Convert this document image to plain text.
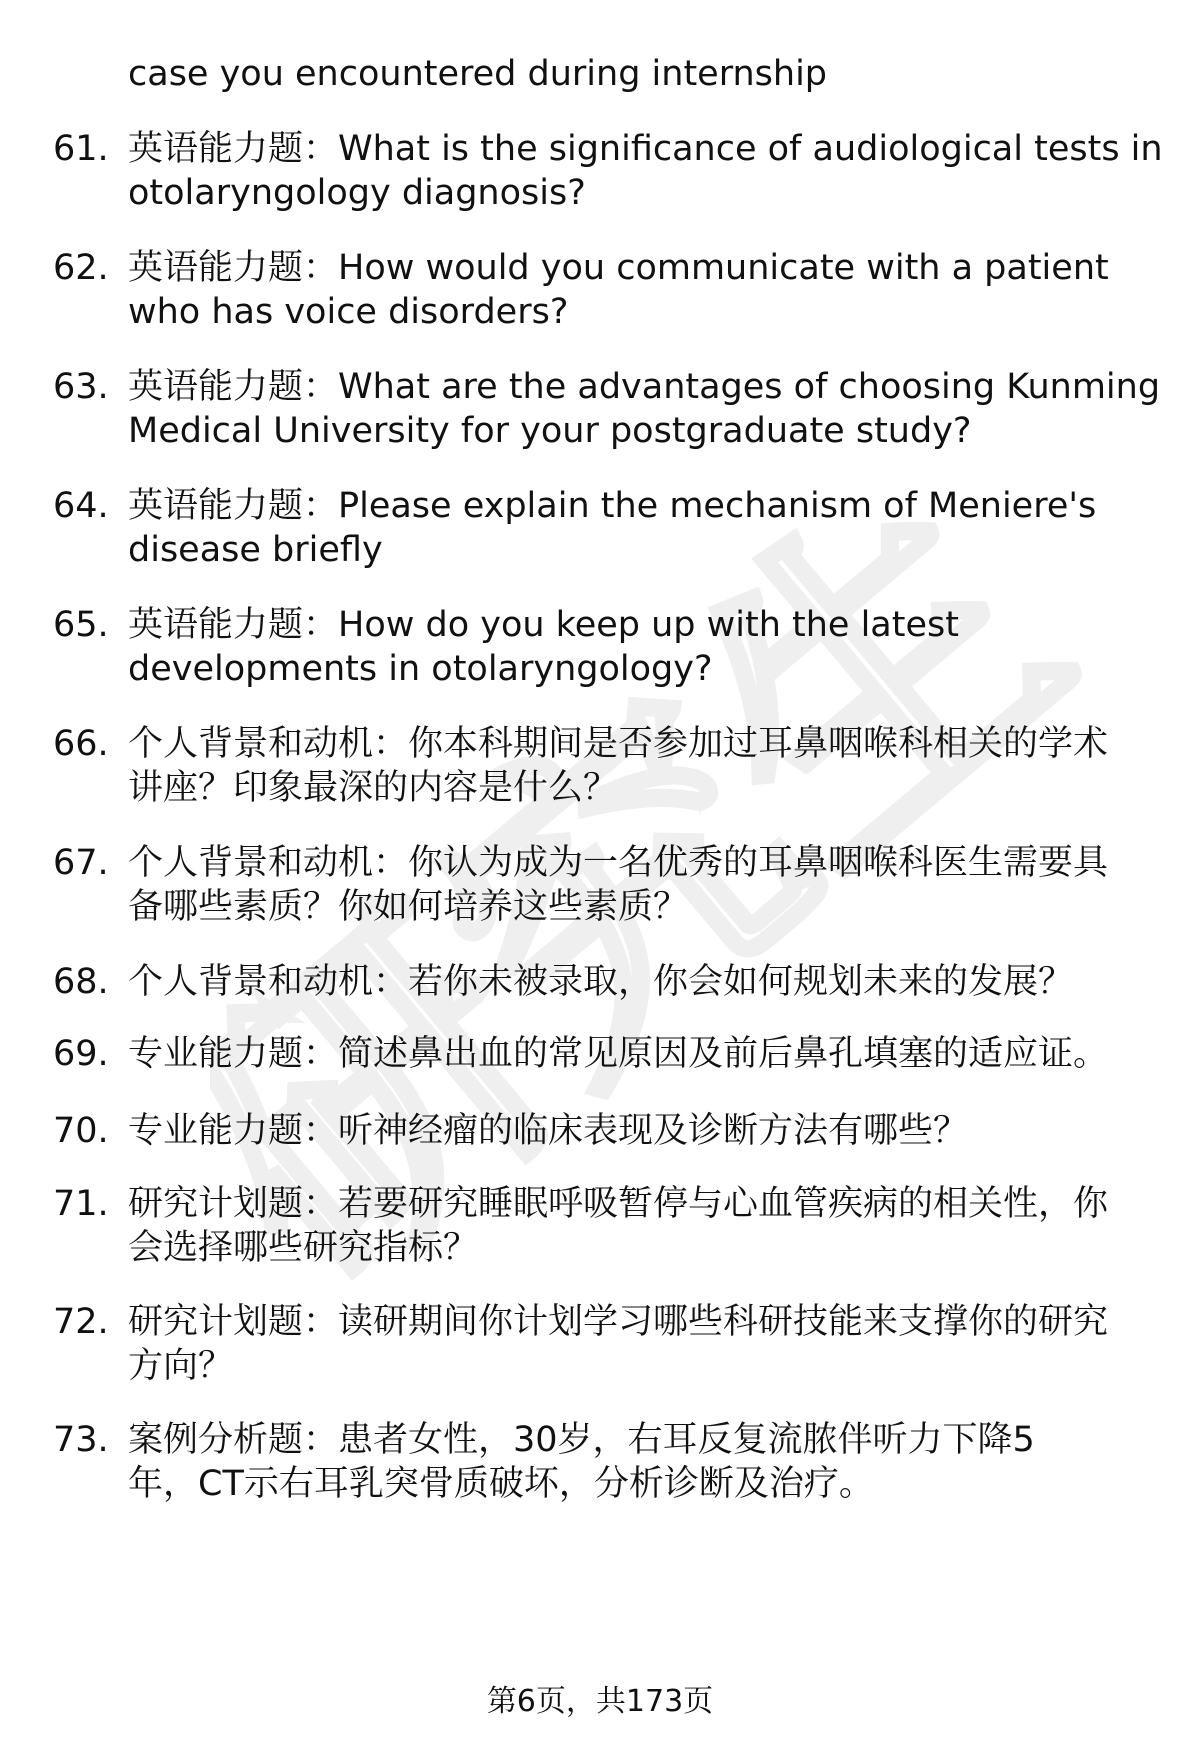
研究生
case you encountered during internship
61. 英语能力题：What is the significance of audiological tests in
otolaryngology diagnosis?
62. 英语能力题：How would you communicate with a patient
who has voice disorders?
63. 英语能力题：What are the advantages of choosing Kunming
Medical University for your postgraduate study?
64. 英语能力题：Please explain the mechanism of Meniere's
disease briefly
65. 英语能力题：How do you keep up with the latest
developments in otolaryngology?
66. 个人背景和动机：你本科期间是否参加过耳鼻咽喉科相关的学术
讲座？印象最深的内容是什么？
67. 个人背景和动机：你认为成为一名优秀的耳鼻咽喉科医生需要具
备哪些素质？你如何培养这些素质？
68. 个人背景和动机：若你未被录取，你会如何规划未来的发展？
69. 专业能力题：简述鼻出血的常见原因及前后鼻孔填塞的适应证。
70. 专业能力题：听神经瘤的临床表现及诊断方法有哪些？
71. 研究计划题：若要研究睡眠呼吸暂停与心血管疾病的相关性，你
会选择哪些研究指标？
72. 研究计划题：读研期间你计划学习哪些科研技能来支撑你的研究
方向？
73. 案例分析题：患者女性，30岁，右耳反复流脓伴听力下降5
年，CT示右耳乳突骨质破坏，分析诊断及治疗。
第6页，共173页
